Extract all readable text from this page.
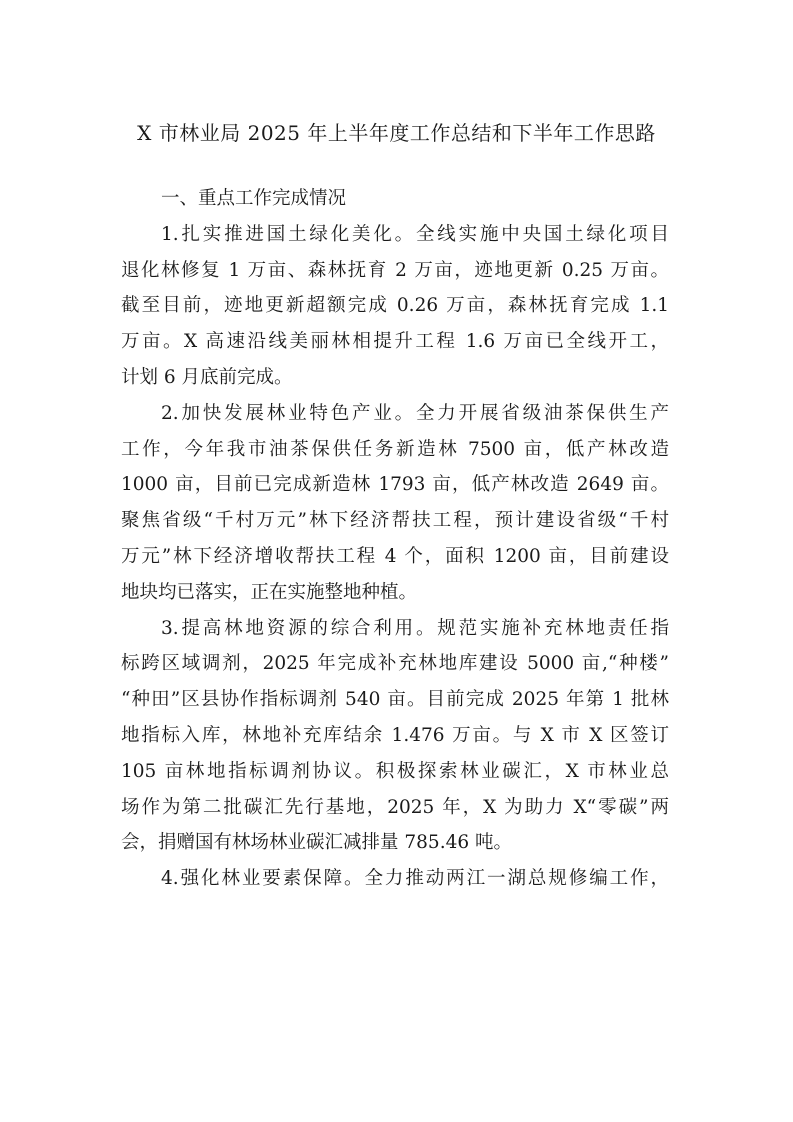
X 市林业局 2025 年上半年度工作总结和下半年工作思路
一、重点工作完成情况
1.扎实推进国土绿化美化。全线实施中央国土绿化项目
退化林修复 1 万亩、森林抚育 2 万亩，迹地更新 0.25 万亩。
截至目前，迹地更新超额完成 0.26 万亩，森林抚育完成 1.1
万亩。X 高速沿线美丽林相提升工程 1.6 万亩已全线开工，
计划 6 月底前完成。
2.加快发展林业特色产业。全力开展省级油茶保供生产
工作，今年我市油茶保供任务新造林 7500 亩，低产林改造
1000 亩，目前已完成新造林 1793 亩，低产林改造 2649 亩。
聚焦省级“千村万元”林下经济帮扶工程，预计建设省级“千村
万元”林下经济增收帮扶工程 4 个，面积 1200 亩，目前建设
地块均已落实，正在实施整地种植。
3.提高林地资源的综合利用。规范实施补充林地责任指
标跨区域调剂，2025 年完成补充林地库建设 5000 亩,“种楼”
“种田”区县协作指标调剂 540 亩。目前完成 2025 年第 1 批林
地指标入库，林地补充库结余 1.476 万亩。与 X 市 X 区签订
105 亩林地指标调剂协议。积极探索林业碳汇，X 市林业总
场作为第二批碳汇先行基地，2025 年，X 为助力 X“零碳”两
会，捐赠国有林场林业碳汇减排量 785.46 吨。
4.强化林业要素保障。全力推动两江一湖总规修编工作，
